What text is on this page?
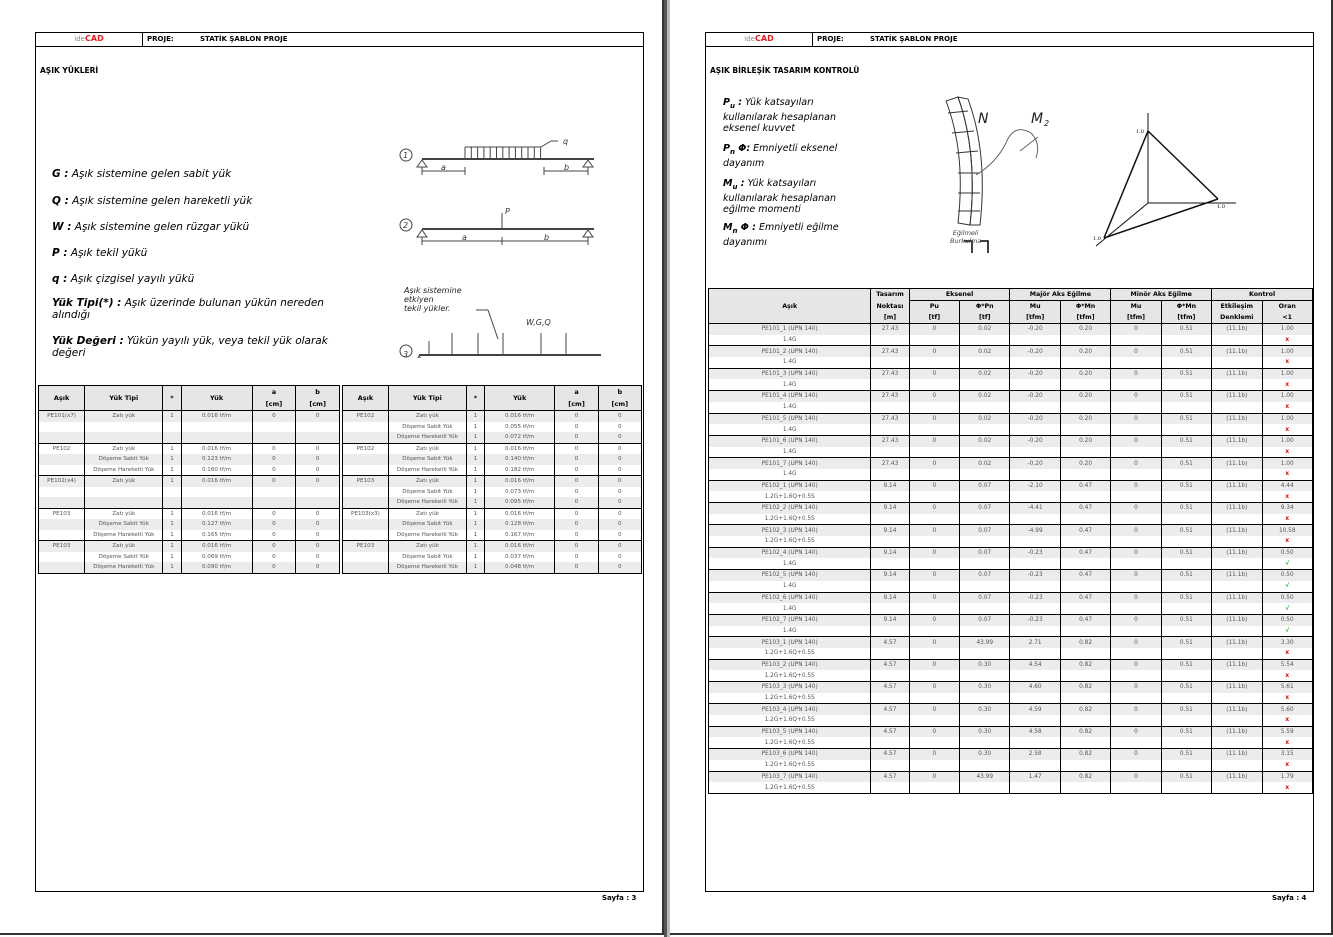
ideCAD	PROJE:	STATİK ŞABLON PROJE
AŞIK YÜKLERİ

G : Aşık sistemine gelen sabit yük

Q : Aşık sistemine gelen hareketli yük

W : Aşık sistemine gelen rüzgar yükü

P : Aşık tekil yükü

q : Aşık çizgisel yayılı yükü

Yük Tipi(*) : Aşık üzerinde bulunan yükün nereden alındığı

Yük Değeri : Yükün yayılı yük, veya tekil yük olarak değeri

1
q
a	b
2
P
a	b
Aşık sistemine
etkiyen
tekil yükler.
W,G,Q
3
Aşık	Yük Tipi	*	Yük	a	b
				[cm]	[cm]
PE101(x7)	Zatı yük	1	0.016 tf/m	0	0

PE102	Zatı yük	1	0.016 tf/m	0	0
	Döşeme Sabit Yük	1	0.123 tf/m	0	0
	Döşeme Hareketli Yük	1	0.160 tf/m	0	0
PE102(x4)	Zatı yük	1	0.016 tf/m	0	0

PE103	Zatı yük	1	0.016 tf/m	0	0
	Döşeme Sabit Yük	1	0.127 tf/m	0	0
	Döşeme Hareketli Yük	1	0.165 tf/m	0	0
PE103	Zatı yük	1	0.016 tf/m	0	0
	Döşeme Sabit Yük	1	0.069 tf/m	0	0
	Döşeme Hareketli Yük	1	0.090 tf/m	0	0
Aşık	Yük Tipi	*	Yük	a	b
				[cm]	[cm]
PE102	Zatı yük	1	0.016 tf/m	0	0
	Döşeme Sabit Yük	1	0.055 tf/m	0	0
	Döşeme Hareketli Yük	1	0.072 tf/m	0	0
PE102	Zatı yük	1	0.016 tf/m	0	0
	Döşeme Sabit Yük	1	0.140 tf/m	0	0
	Döşeme Hareketli Yük	1	0.182 tf/m	0	0
PE103	Zatı yük	1	0.016 tf/m	0	0
	Döşeme Sabit Yük	1	0.073 tf/m	0	0
	Döşeme Hareketli Yük	1	0.095 tf/m	0	0
PE103(x3)	Zatı yük	1	0.016 tf/m	0	0
	Döşeme Sabit Yük	1	0.128 tf/m	0	0
	Döşeme Hareketli Yük	1	0.167 tf/m	0	0
PE103	Zatı yük	1	0.016 tf/m	0	0
	Döşeme Sabit Yük	1	0.037 tf/m	0	0
	Döşeme Hareketli Yük	1	0.048 tf/m	0	0
Sayfa : 3
ideCAD	PROJE:	STATİK ŞABLON PROJE
AŞIK BİRLEŞİK TASARIM KONTROLÜ

$P_u$ : Yük katsayıları kullanılarak hesaplanan eksenel kuvvet

$P_n$ Φ: Emniyetli eksenel dayanım

$M_u$ : Yük katsayıları kullanılarak hesaplanan eğilme momenti

$M_n$ Φ : Emniyetli eğilme dayanımı

N	M 2
Eğilmeli
Burkulma
1.0
1.0
1.0
Aşık	Tasarım	Eksenel		Majör Aks Eğilme		Minör Aks Eğilme		Kontrol	
	Noktası	Pu	Φ*Pn	Mu	Φ*Mn	Mu	Φ*Mn	Etkileşim	Oran
	[m]	[tf]	[tf]	[tfm]	[tfm]	[tfm]	[tfm]	Denklemi	<1
PE101_1 (UPN 140)	27.43	0	0.02	-0.20	0.20	0	0.51	(11.1b)	1.00
1.4G									x
PE101_2 (UPN 140)	27.43	0	0.02	-0.20	0.20	0	0.51	(11.1b)	1.00
1.4G									x
PE101_3 (UPN 140)	27.43	0	0.02	-0.20	0.20	0	0.51	(11.1b)	1.00
1.4G									x
PE101_4 (UPN 140)	27.43	0	0.02	-0.20	0.20	0	0.51	(11.1b)	1.00
1.4G									x
PE101_5 (UPN 140)	27.43	0	0.02	-0.20	0.20	0	0.51	(11.1b)	1.00
1.4G									x
PE101_6 (UPN 140)	27.43	0	0.02	-0.20	0.20	0	0.51	(11.1b)	1.00
1.4G									x
PE101_7 (UPN 140)	27.43	0	0.02	-0.20	0.20	0	0.51	(11.1b)	1.00
1.4G									x
PE102_1 (UPN 140)	9.14	0	0.07	-2.10	0.47	0	0.51	(11.1b)	4.44
1.2G+1.6Q+0.5S									x
PE102_2 (UPN 140)	9.14	0	0.07	-4.41	0.47	0	0.51	(11.1b)	9.34
1.2G+1.6Q+0.5S									x
PE102_3 (UPN 140)	9.14	0	0.07	-4.99	0.47	0	0.51	(11.1b)	10.58
1.2G+1.6Q+0.5S									x
PE102_4 (UPN 140)	9.14	0	0.07	-0.23	0.47	0	0.51	(11.1b)	0.50
1.4G									√
PE102_5 (UPN 140)	9.14	0	0.07	-0.23	0.47	0	0.51	(11.1b)	0.50
1.4G									√
PE102_6 (UPN 140)	9.14	0	0.07	-0.23	0.47	0	0.51	(11.1b)	0.50
1.4G									√
PE102_7 (UPN 140)	9.14	0	0.07	-0.23	0.47	0	0.51	(11.1b)	0.50
1.4G									√
PE103_1 (UPN 140)	4.57	0	43.99	2.71	0.82	0	0.51	(11.1b)	3.30
1.2G+1.6Q+0.5S									x
PE103_2 (UPN 140)	4.57	0	0.30	4.54	0.82	0	0.51	(11.1b)	5.54
1.2G+1.6Q+0.5S									x
PE103_3 (UPN 140)	4.57	0	0.30	4.60	0.82	0	0.51	(11.1b)	5.61
1.2G+1.6Q+0.5S									x
PE103_4 (UPN 140)	4.57	0	0.30	4.59	0.82	0	0.51	(11.1b)	5.60
1.2G+1.6Q+0.5S									x
PE103_5 (UPN 140)	4.57	0	0.30	4.58	0.82	0	0.51	(11.1b)	5.59
1.2G+1.6Q+0.5S									x
PE103_6 (UPN 140)	4.57	0	0.30	2.58	0.82	0	0.51	(11.1b)	3.15
1.2G+1.6Q+0.5S									x
PE103_7 (UPN 140)	4.57	0	43.99	1.47	0.82	0	0.51	(11.1b)	1.79
1.2G+1.6Q+0.5S									x
Sayfa : 4
